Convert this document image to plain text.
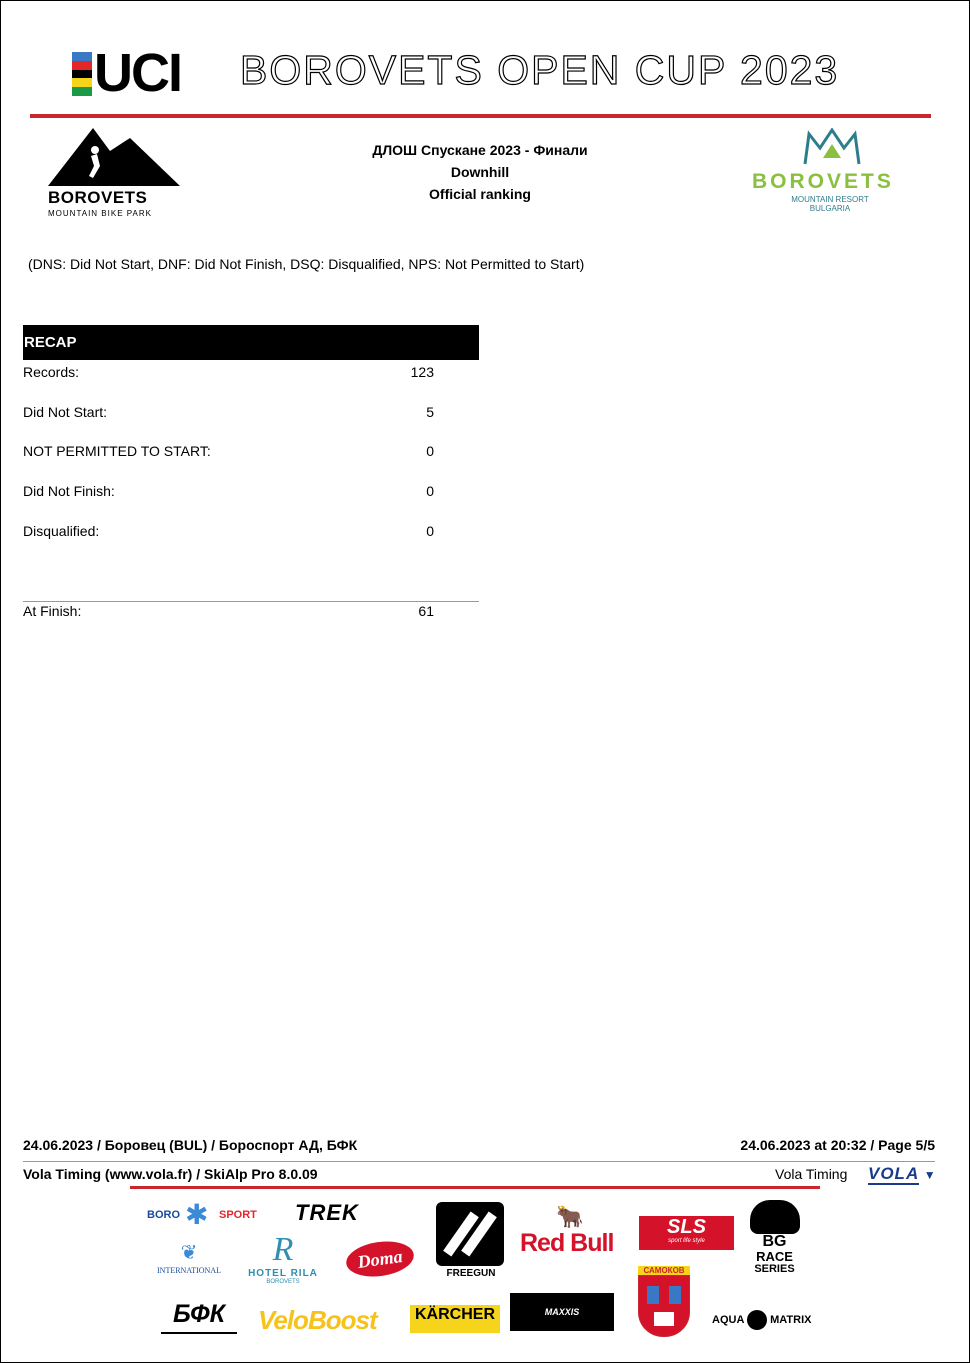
UCI BOROVETS OPEN CUP 2023
BOROVETS
MOUNTAIN BIKE PARK
ДЛОШ Спускане 2023 - Финали
Downhill
Official ranking
BOROVETS
MOUNTAIN RESORT
BULGARIA
(DNS: Did Not Start, DNF: Did Not Finish, DSQ: Disqualified, NPS: Not Permitted to Start)
RECAP
Records:	123
Did Not Start:	5
NOT PERMITTED TO START:	0
Did Not Finish:	0
Disqualified:	0
At Finish:	61
24.06.2023 / Боровец (BUL) / Бороспорт АД, БФК	24.06.2023 at 20:32 / Page 5/5
Vola Timing (www.vola.fr) / SkiAlp Pro 8.0.09	Vola Timing VOLA ▼
BORO ✱ SPORT TREK
FREEGUN
🐂
Red Bull
SLS
sport life style	BG
RACE
SERIES
❦
INTERNATIONAL
R
HOTEL RILA
BOROVETS
Doma	САМОКОВ
БФК	VeloBoost	KÄRCHER	MAXXIS
AQUA MATRIX
